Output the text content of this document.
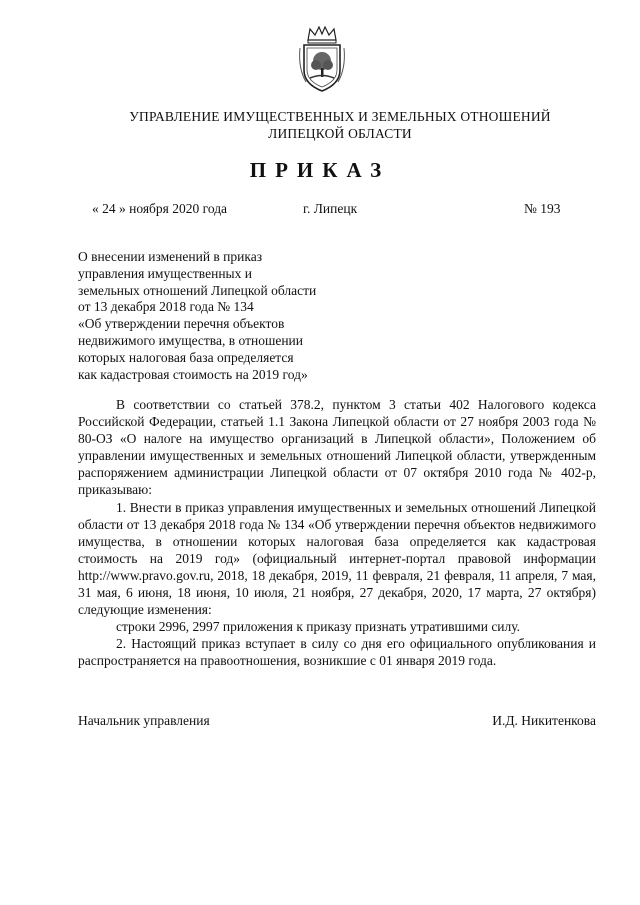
УПРАВЛЕНИЕ ИМУЩЕСТВЕННЫХ И ЗЕМЕЛЬНЫХ ОТНОШЕНИЙ
ЛИПЕЦКОЙ ОБЛАСТИ
ПРИКАЗ
« 24 » ноября 2020 года	г. Липецк	№ 193
О внесении изменений в приказ
управления имущественных и
земельных отношений Липецкой области
от 13 декабря 2018 года № 134
«Об утверждении перечня объектов
недвижимого имущества, в отношении
которых налоговая база определяется
как кадастровая стоимость на 2019 год»

В соответствии со статьей 378.2, пунктом 3 статьи 402 Налогового кодекса Российской Федерации, статьей 1.1 Закона Липецкой области от 27 ноября 2003 года № 80-ОЗ «О налоге на имущество организаций в Липецкой области», Положением об управлении имущественных и земельных отношений Липецкой области, утвержденным распоряжением администрации Липецкой области от 07 октября 2010 года № 402-р, приказываю:

1. Внести в приказ управления имущественных и земельных отношений Липецкой области от 13 декабря 2018 года № 134 «Об утверждении перечня объектов недвижимого имущества, в отношении которых налоговая база определяется как кадастровая стоимость на 2019 год» (официальный интернет-портал правовой информации http://www.pravo.gov.ru, 2018, 18 декабря, 2019, 11 февраля, 21 февраля, 11 апреля, 7 мая, 31 мая, 6 июня, 18 июня, 10 июля, 21 ноября, 27 декабря, 2020, 17 марта, 27 октября) следующие изменения:

строки 2996, 2997 приложения к приказу признать утратившими силу.

2. Настоящий приказ вступает в силу со дня его официального опубликования и распространяется на правоотношения, возникшие с 01 января 2019 года.

Начальник управления	И.Д. Никитенкова
